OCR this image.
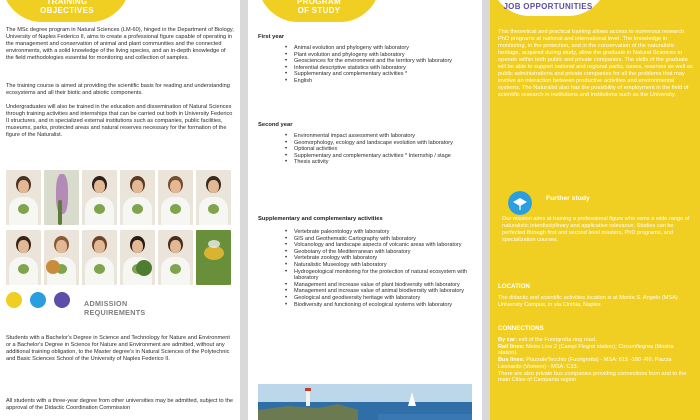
TRAINING
OBJECTIVES
The MSc degree program in Natural Sciences (LM-60), hinged in the Department of Biology, University of Naples Federico II, aims to create a professional figure capable of operating in the management and conservation of animal and plant communities and the connected environments, with a solid knowledge of the living species, and an in-depth knowledge of the field methodologies essential for monitoring and collection of samples.
The training course is aimed at providing the scientific basis for reading and understanding ecosystems and all their biotic and abiotic components.
Undergraduates will also be trained in the education and dissemination of Natural Sciences through training activities and internships that can be carried out both in University Federico II structures, and in specialized external institutions such as companies, public facilities, museums, parks, protected areas and natural reserves necessary for the formation of the figure of the Naturalist.
ADMISSION
REQUIREMENTS
Students with a Bachelor's Degree in Science and Technology for Nature and Environment or a Bachelor's Degree in Science for Nature and Environment are admitted, without any additional training obligation, to the Master degree's in Natural Sciences of the Polytechnic and Basic Sciences School of the University of Naples Federico II.
All students with a three-year degree from other universities may be admitted, subject to the approval of the Didactic Coordination Commission
PROGRAM
OF STUDY
First year
• Animal evolution and phylogeny with laboratory
• Plant evolution and phylogeny with laboratory
• Geosciences for the environment and the territory with laboratory
• Inferential descriptive statistics with laboratory
• Supplementary and complementary activities *
• English
Second year
• Environmental impact assessment with laboratory
• Geomorphology, ecology and landscape evolution with laboratory
• Optional activities
• Supplementary and complementary activities * Internship / stage
• Thesis activity
Supplementary and complementary activities
• Vertebrate paleontology with laboratory
• GIS and Geothematic Cartography with laboratory
• Volcanology and landscape aspects of volcanic areas with laboratory
• Geobotany of the Mediterranean with laboratory
• Vertebrate zoology with laboratory
• Naturalistic Museology with laboratory
• Hydrogeological monitoring for the protection of natural ecosystem with laboratory
• Management and increase value of plant biodiversity with laboratory
• Management and increase value of animal biodiversity with laboratory
• Geological and geodiversity heritage with laboratory
• Biodiversity and functioning of ecological systems with laboratory
JOB OPPORTUNITIES
This theoretical and practical training allows access to numerous research PhD programs at national and international level. The knowledge in monitoring, in the protection, and in the conservation of the naturalistic heritage, acquired during study, allow the graduate in Natural Sciences to operate within both public and private companies. The skills of the graduate will be able to support national and regional parks, oases, reserves as well as public administrations and private companies for all the problems that may involve an interaction between productive activities and environmental systems. The Naturalist also has the possibility of employment in the field of scientific research in institutions and institutions such as the University.
Further study
Our mission aims at training a professional figure who owns a wide range of naturalistic interdisciplinary and applicative relevance. Studies can be perfected through first and second level masters, PhD programs, and specialization courses.
LOCATION
The didactic and scientific activities location is at Monte S. Angelo (MSA) University Campus, in via Cinthia, Naples
CONNECTIONS
By car: exit of the Fuorigrotta ring road.
Rail lines: Metro Line 2 (Campi Flegrei station); Circumflegrea (Mostra station).
Bus lines: PiazzaleTecchio (Fuorigrotta) - MSA: 615 -180 -R6; Piazza Leonardo (Vomero) - MSA: C33.
There are also private bus companies providing connections from and to the main Cities of Campania region
